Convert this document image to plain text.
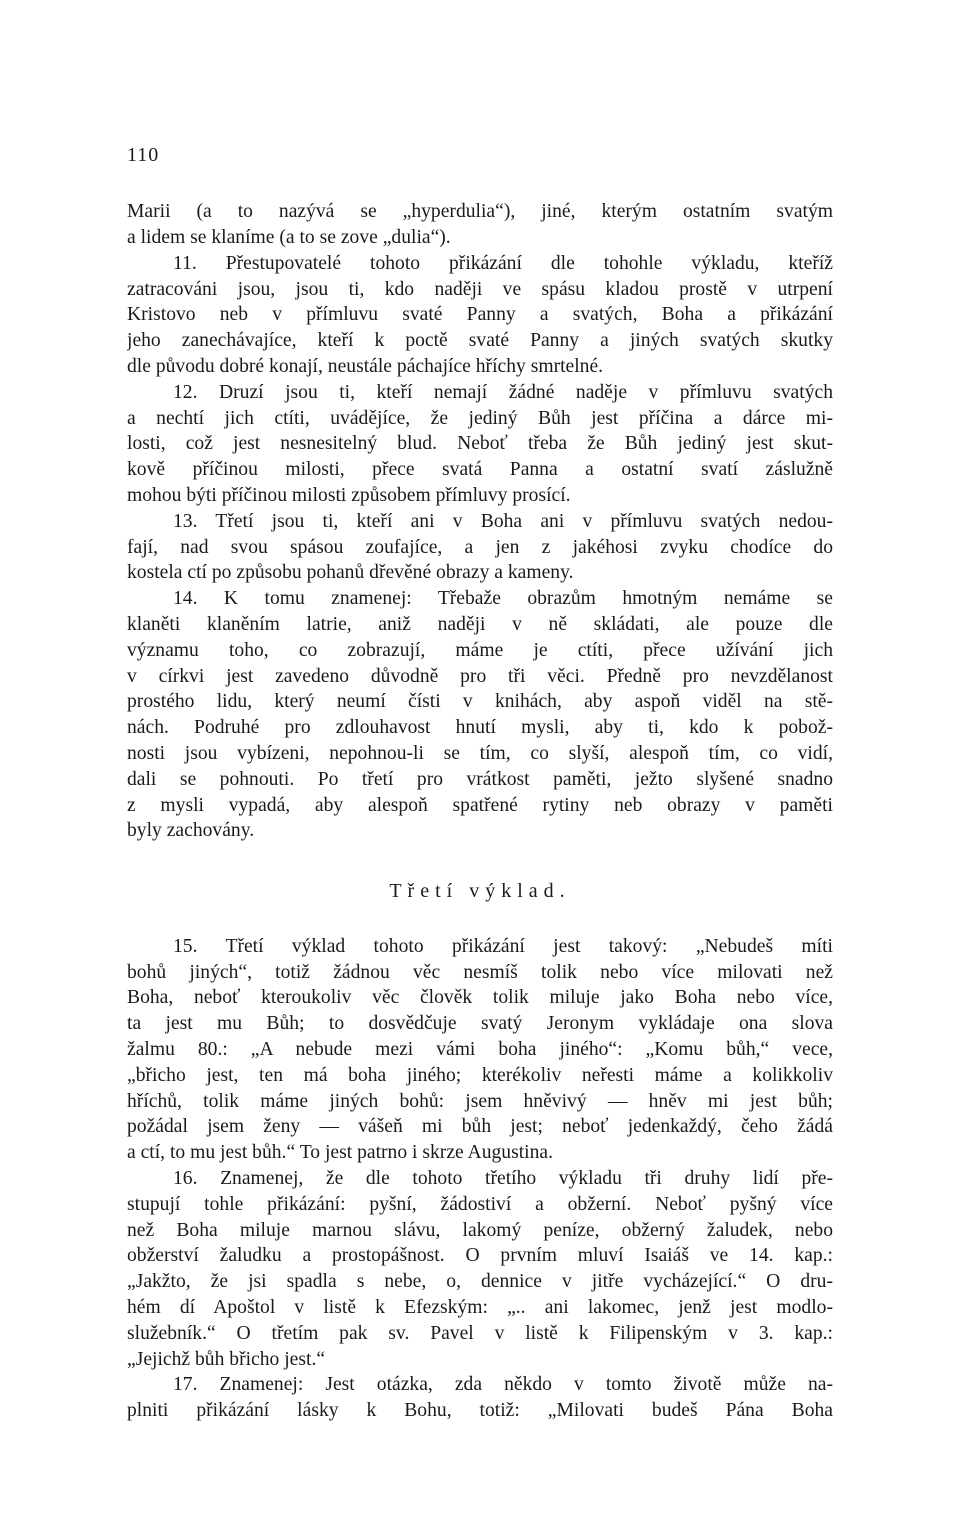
110
Marii (a to nazývá se „hyperdulia“), jiné, kterým ostatním svatým
a lidem se klaníme (a to se zove „dulia“).
11. Přestupovatelé tohoto přikázání dle tohohle výkladu, kteříž
zatracováni jsou, jsou ti, kdo naději ve spásu kladou prostě v utrpení
Kristovo neb v přímluvu svaté Panny a svatých, Boha a přikázání
jeho zanechávajíce, kteří k poctě svaté Panny a jiných svatých skutky
dle původu dobré konají, neustále páchajíce hříchy smrtelné.
12. Druzí jsou ti, kteří nemají žádné naděje v přímluvu svatých
a nechtí jich ctíti, uvádějíce, že jediný Bůh jest příčina a dárce mi-
losti, což jest nesnesitelný blud. Neboť třeba že Bůh jediný jest skut-
kově příčinou milosti, přece svatá Panna a ostatní svatí záslužně
mohou býti příčinou milosti způsobem přímluvy prosící.
13. Třetí jsou ti, kteří ani v Boha ani v přímluvu svatých nedou-
fají, nad svou spásou zoufajíce, a jen z jakéhosi zvyku chodíce do
kostela ctí po způsobu pohanů dřevěné obrazy a kameny.
14. K tomu znamenej: Třebaže obrazům hmotným nemáme se
klaněti klaněním latrie, aniž naději v ně skládati, ale pouze dle
významu toho, co zobrazují, máme je ctíti, přece užívání jich
v církvi jest zavedeno důvodně pro tři věci. Předně pro nevzdělanost
prostého lidu, který neumí čísti v knihách, aby aspoň viděl na stě-
nách. Podruhé pro zdlouhavost hnutí mysli, aby ti, kdo k pobož-
nosti jsou vybízeni, nepohnou-li se tím, co slyší, alespoň tím, co vidí,
dali se pohnouti. Po třetí pro vrátkost paměti, ježto slyšené snadno
z mysli vypadá, aby alespoň spatřené rytiny neb obrazy v paměti
byly zachovány.
Třetí výklad.
15. Třetí výklad tohoto přikázání jest takový: „Nebudeš míti
bohů jiných“, totiž žádnou věc nesmíš tolik nebo více milovati než
Boha, neboť kteroukoliv věc člověk tolik miluje jako Boha nebo více,
ta jest mu Bůh; to dosvědčuje svatý Jeronym vykládaje ona slova
žalmu 80.: „A nebude mezi vámi boha jiného“: „Komu bůh,“ vece,
„břicho jest, ten má boha jiného; kterékoliv neřesti máme a kolikkoliv
hříchů, tolik máme jiných bohů: jsem hněvivý — hněv mi jest bůh;
požádal jsem ženy — vášeň mi bůh jest; neboť jedenkaždý, čeho žádá
a ctí, to mu jest bůh.“ To jest patrno i skrze Augustina.
16. Znamenej, že dle tohoto třetího výkladu tři druhy lidí pře-
stupují tohle přikázání: pyšní, žádostiví a obžerní. Neboť pyšný více
než Boha miluje marnou slávu, lakomý peníze, obžerný žaludek, nebo
obžerství žaludku a prostopášnost. O prvním mluví Isaiáš ve 14. kap.:
„Jakžto, že jsi spadla s nebe, o, dennice v jitře vycházející.“ O dru-
hém dí Apoštol v listě k Efezským: „.. ani lakomec, jenž jest modlo-
služebník.“ O třetím pak sv. Pavel v listě k Filipenským v 3. kap.:
„Jejichž bůh břicho jest.“
17. Znamenej: Jest otázka, zda někdo v tomto životě může na-
plniti přikázání lásky k Bohu, totiž: „Milovati budeš Pána Boha
